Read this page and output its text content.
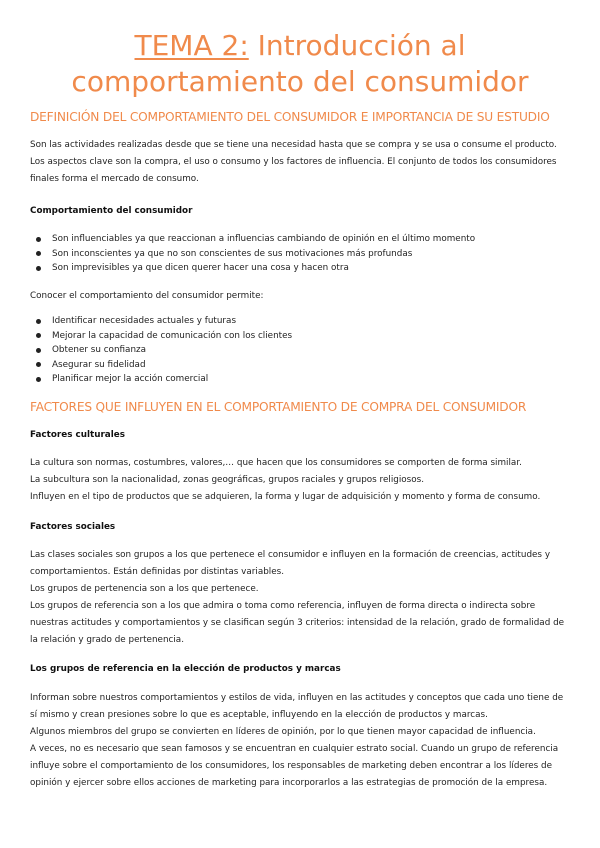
TEMA 2: Introducción al
comportamiento del consumidor
DEFINICIÓN DEL COMPORTAMIENTO DEL CONSUMIDOR E IMPORTANCIA DE SU ESTUDIO

Son las actividades realizadas desde que se tiene una necesidad hasta que se compra y se usa o consume el producto. Los aspectos clave son la compra, el uso o consumo y los factores de influencia. El conjunto de todos los consumidores finales forma el mercado de consumo.

Comportamiento del consumidor

Son influenciables ya que reaccionan a influencias cambiando de opinión en el último momento
Son inconscientes ya que no son conscientes de sus motivaciones más profundas
Son imprevisibles ya que dicen querer hacer una cosa y hacen otra

Conocer el comportamiento del consumidor permite:

Identificar necesidades actuales y futuras
Mejorar la capacidad de comunicación con los clientes
Obtener su confianza
Asegurar su fidelidad
Planificar mejor la acción comercial
FACTORES QUE INFLUYEN EN EL COMPORTAMIENTO DE COMPRA DEL CONSUMIDOR

Factores culturales

La cultura son normas, costumbres, valores,… que hacen que los consumidores se comporten de forma similar.

La subcultura son la nacionalidad, zonas geográficas, grupos raciales y grupos religiosos.

Influyen en el tipo de productos que se adquieren, la forma y lugar de adquisición y momento y forma de consumo.

Factores sociales

Las clases sociales son grupos a los que pertenece el consumidor e influyen en la formación de creencias, actitudes y comportamientos. Están definidas por distintas variables.

Los grupos de pertenencia son a los que pertenece.

Los grupos de referencia son a los que admira o toma como referencia, influyen de forma directa o indirecta sobre nuestras actitudes y comportamientos y se clasifican según 3 criterios: intensidad de la relación, grado de formalidad de la relación y grado de pertenencia.

Los grupos de referencia en la elección de productos y marcas

Informan sobre nuestros comportamientos y estilos de vida, influyen en las actitudes y conceptos que cada uno tiene de sí mismo y crean presiones sobre lo que es aceptable, influyendo en la elección de productos y marcas.

Algunos miembros del grupo se convierten en líderes de opinión, por lo que tienen mayor capacidad de influencia.

A veces, no es necesario que sean famosos y se encuentran en cualquier estrato social. Cuando un grupo de referencia influye sobre el comportamiento de los consumidores, los responsables de marketing deben encontrar a los líderes de opinión y ejercer sobre ellos acciones de marketing para incorporarlos a las estrategias de promoción de la empresa.
